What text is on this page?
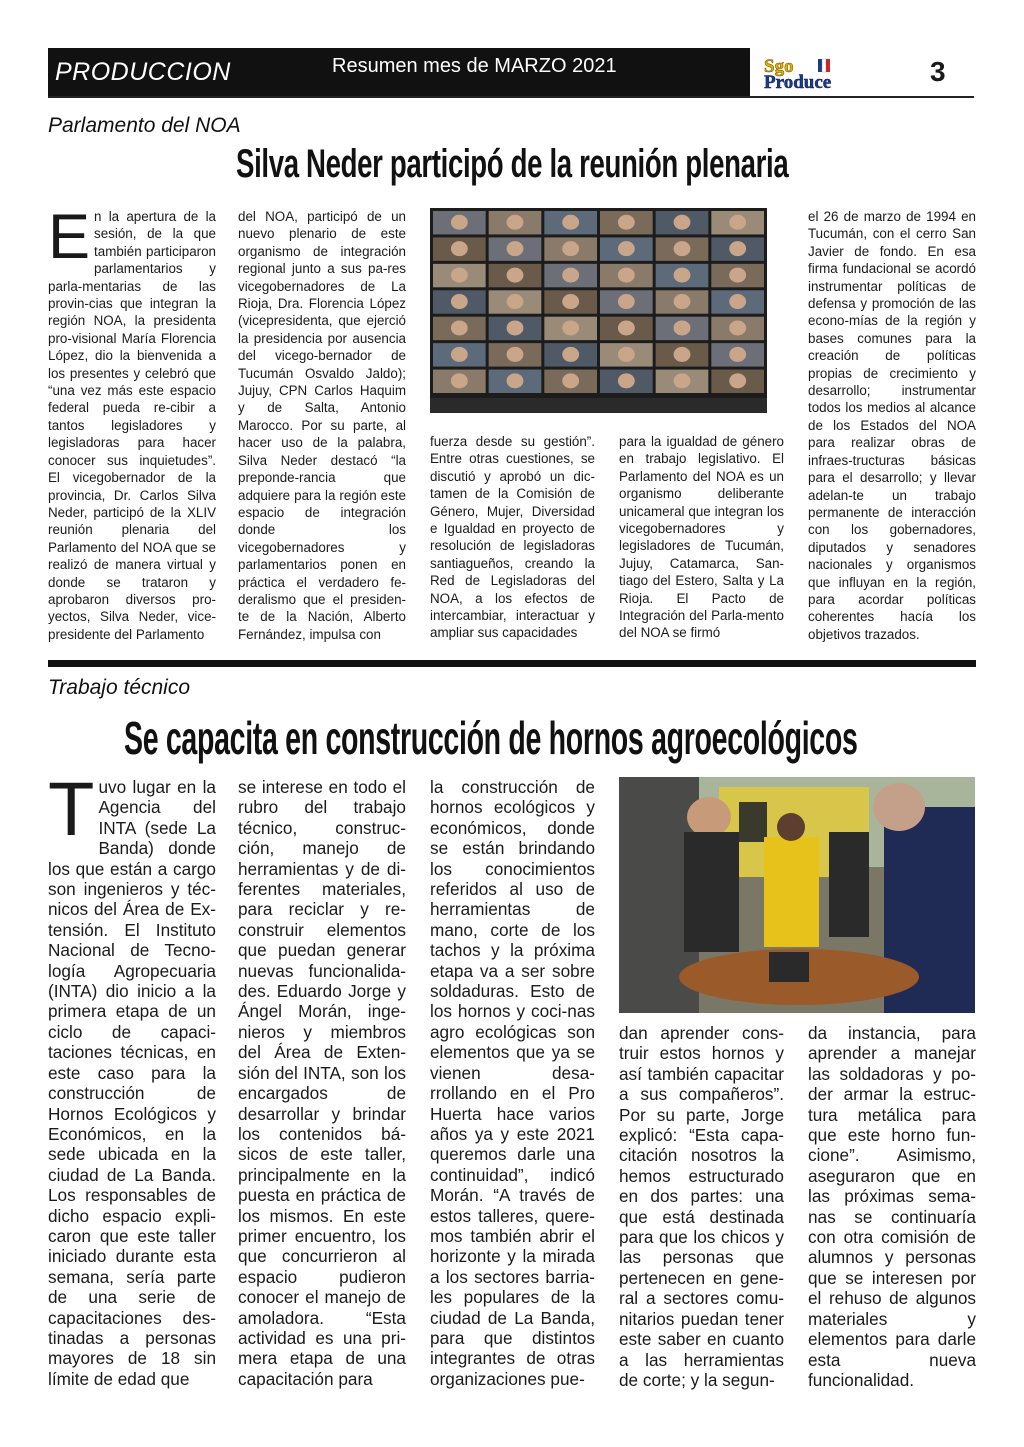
PRODUCCION	Resumen mes de MARZO 2021	Sgo
Produce	3
Parlamento del NOA
Silva Neder participó de la reunión plenaria
En la apertura de la sesión, de la que también participaron parlamentarios y parla-mentarias de las provin-cias que integran la región NOA, la presidenta pro-visional María Florencia López, dio la bienvenida a los presentes y celebró que “una vez más este espacio federal pueda re-cibir a tantos legisladores y legisladoras para hacer conocer sus inquietudes”. El vicegobernador de la provincia, Dr. Carlos Silva Neder, participó de la XLIV reunión plenaria del Parlamento del NOA que se realizó de manera virtual y donde se trataron y aprobaron diversos pro-yectos, Silva Neder, vice-presidente del Parlamento

del NOA, participó de un nuevo plenario de este organismo de integración regional junto a sus pa-res vicegobernadores de La Rioja, Dra. Florencia López (vicepresidenta, que ejerció la presidencia por ausencia del vicego-bernador de Tucumán Osvaldo Jaldo); Jujuy, CPN Carlos Haquim y de Salta, Antonio Marocco. Por su parte, al hacer uso de la palabra, Silva Neder destacó “la preponde-rancia que adquiere para la región este espacio de integración donde los vicegobernadores y parlamentarios ponen en práctica el verdadero fe-deralismo que el presiden-te de la Nación, Alberto Fernández, impulsa con

fuerza desde su gestión”. Entre otras cuestiones, se discutió y aprobó un dic-tamen de la Comisión de Género, Mujer, Diversidad e Igualdad en proyecto de resolución de legisladoras santiagueños, creando la Red de Legisladoras del NOA, a los efectos de intercambiar, interactuar y ampliar sus capacidades

para la igualdad de género en trabajo legislativo. El Parlamento del NOA es un organismo deliberante unicameral que integran los vicegobernadores y legisladores de Tucumán, Jujuy, Catamarca, San-tiago del Estero, Salta y La Rioja. El Pacto de Integración del Parla-mento del NOA se firmó

el 26 de marzo de 1994 en Tucumán, con el cerro San Javier de fondo. En esa firma fundacional se acordó instrumentar políticas de defensa y promoción de las econo-mías de la región y bases comunes para la creación de políticas propias de crecimiento y desarrollo; instrumentar todos los medios al alcance de los Estados del NOA para realizar obras de infraes-tructuras básicas para el desarrollo; y llevar adelan-te un trabajo permanente de interacción con los gobernadores, diputados y senadores nacionales y organismos que influyan en la región, para acordar políticas coherentes hacía los objetivos trazados.

Trabajo técnico
Se capacita en construcción de hornos agroecológicos
Tuvo lugar en la Agencia del INTA (sede La Banda) donde los que están a cargo son ingenieros y téc-nicos del Área de Ex-tensión. El Instituto Nacional de Tecno-logía Agropecuaria (INTA) dio inicio a la primera etapa de un ciclo de capaci-taciones técnicas, en este caso para la construcción de Hornos Ecológicos y Económicos, en la sede ubicada en la ciudad de La Banda. Los responsables de dicho espacio expli-caron que este taller iniciado durante esta semana, sería parte de una serie de capacitaciones des-tinadas a personas mayores de 18 sin límite de edad que

se interese en todo el rubro del trabajo técnico, construc-ción, manejo de herramientas y de di-ferentes materiales, para reciclar y re-construir elementos que puedan generar nuevas funcionalida-des. Eduardo Jorge y Ángel Morán, inge-nieros y miembros del Área de Exten-sión del INTA, son los encargados de desarrollar y brindar los contenidos bá-sicos de este taller, principalmente en la puesta en práctica de los mismos. En este primer encuentro, los que concurrieron al espacio pudieron conocer el manejo de amoladora. “Esta actividad es una pri-mera etapa de una capacitación para

la construcción de hornos ecológicos y económicos, donde se están brindando los conocimientos referidos al uso de herramientas de mano, corte de los tachos y la próxima etapa va a ser sobre soldaduras. Esto de los hornos y coci-nas agro ecológicas son elementos que ya se vienen desa-rrollando en el Pro Huerta hace varios años ya y este 2021 queremos darle una continuidad”, indicó Morán. “A través de estos talleres, quere-mos también abrir el horizonte y la mirada a los sectores barria-les populares de la ciudad de La Banda, para que distintos integrantes de otras organizaciones pue-

dan aprender cons-truir estos hornos y así también capacitar a sus compañeros”. Por su parte, Jorge explicó: “Esta capa-citación nosotros la hemos estructurado en dos partes: una que está destinada para que los chicos y las personas que pertenecen en gene-ral a sectores comu-nitarios puedan tener este saber en cuanto a las herramientas de corte; y la segun-

da instancia, para aprender a manejar las soldadoras y po-der armar la estruc-tura metálica para que este horno fun-cione”. Asimismo, aseguraron que en las próximas sema-nas se continuaría con otra comisión de alumnos y personas que se interesen por el rehuso de algunos materiales y elementos para darle esta nueva funcionalidad.
